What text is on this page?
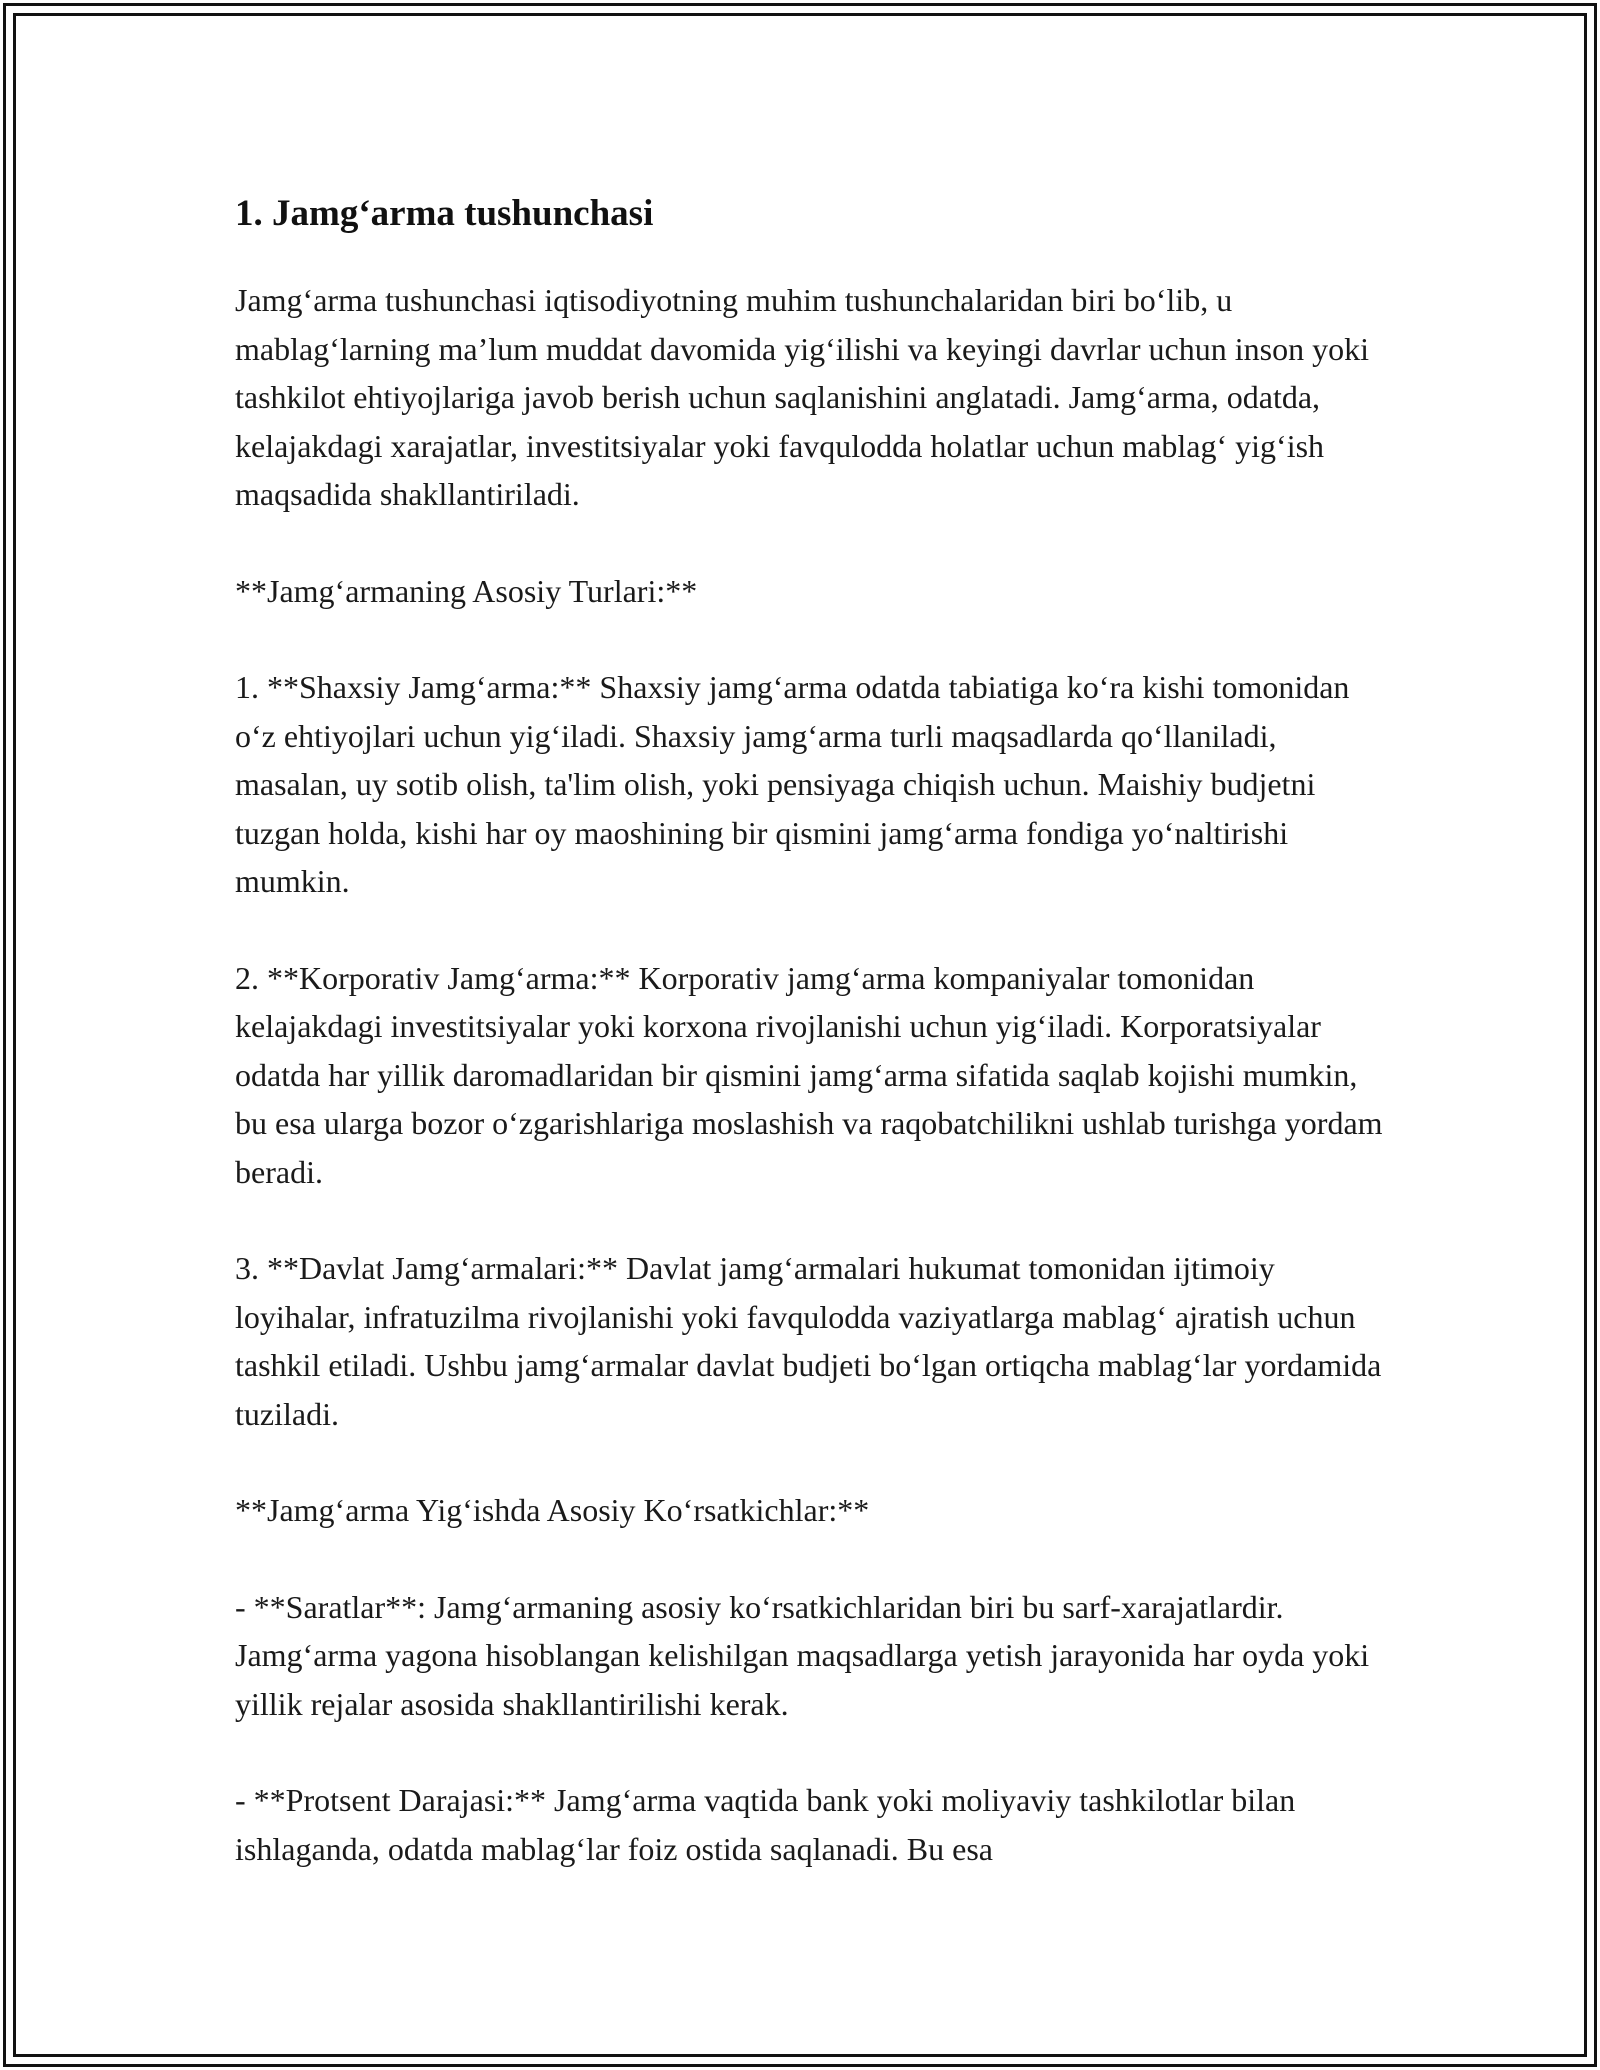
1. Jamg‘arma tushunchasi

Jamg‘arma tushunchasi iqtisodiyotning muhim tushunchalaridan biri bo‘lib, u mablag‘larning ma’lum muddat davomida yig‘ilishi va keyingi davrlar uchun inson yoki tashkilot ehtiyojlariga javob berish uchun saqlanishini anglatadi. Jamg‘arma, odatda, kelajakdagi xarajatlar, investitsiyalar yoki favqulodda holatlar uchun mablag‘ yig‘ish maqsadida shakllantiriladi.

**Jamg‘armaning Asosiy Turlari:**

1. **Shaxsiy Jamg‘arma:** Shaxsiy jamg‘arma odatda tabiatiga ko‘ra kishi tomonidan o‘z ehtiyojlari uchun yig‘iladi. Shaxsiy jamg‘arma turli maqsadlarda qo‘llaniladi, masalan, uy sotib olish, ta'lim olish, yoki pensiyaga chiqish uchun. Maishiy budjetni tuzgan holda, kishi har oy maoshining bir qismini jamg‘arma fondiga yo‘naltirishi mumkin.

2. **Korporativ Jamg‘arma:** Korporativ jamg‘arma kompaniyalar tomonidan kelajakdagi investitsiyalar yoki korxona rivojlanishi uchun yig‘iladi. Korporatsiyalar odatda har yillik daromadlaridan bir qismini jamg‘arma sifatida saqlab kojishi mumkin, bu esa ularga bozor o‘zgarishlariga moslashish va raqobatchilikni ushlab turishga yordam beradi.

3. **Davlat Jamg‘armalari:** Davlat jamg‘armalari hukumat tomonidan ijtimoiy loyihalar, infratuzilma rivojlanishi yoki favqulodda vaziyatlarga mablag‘ ajratish uchun tashkil etiladi. Ushbu jamg‘armalar davlat budjeti bo‘lgan ortiqcha mablag‘lar yordamida tuziladi.

**Jamg‘arma Yig‘ishda Asosiy Ko‘rsatkichlar:**

- **Saratlar**: Jamg‘armaning asosiy ko‘rsatkichlaridan biri bu sarf-xarajatlardir. Jamg‘arma yagona hisoblangan kelishilgan maqsadlarga yetish jarayonida har oyda yoki yillik rejalar asosida shakllantirilishi kerak.

- **Protsent Darajasi:** Jamg‘arma vaqtida bank yoki moliyaviy tashkilotlar bilan ishlaganda, odatda mablag‘lar foiz ostida saqlanadi. Bu esa
